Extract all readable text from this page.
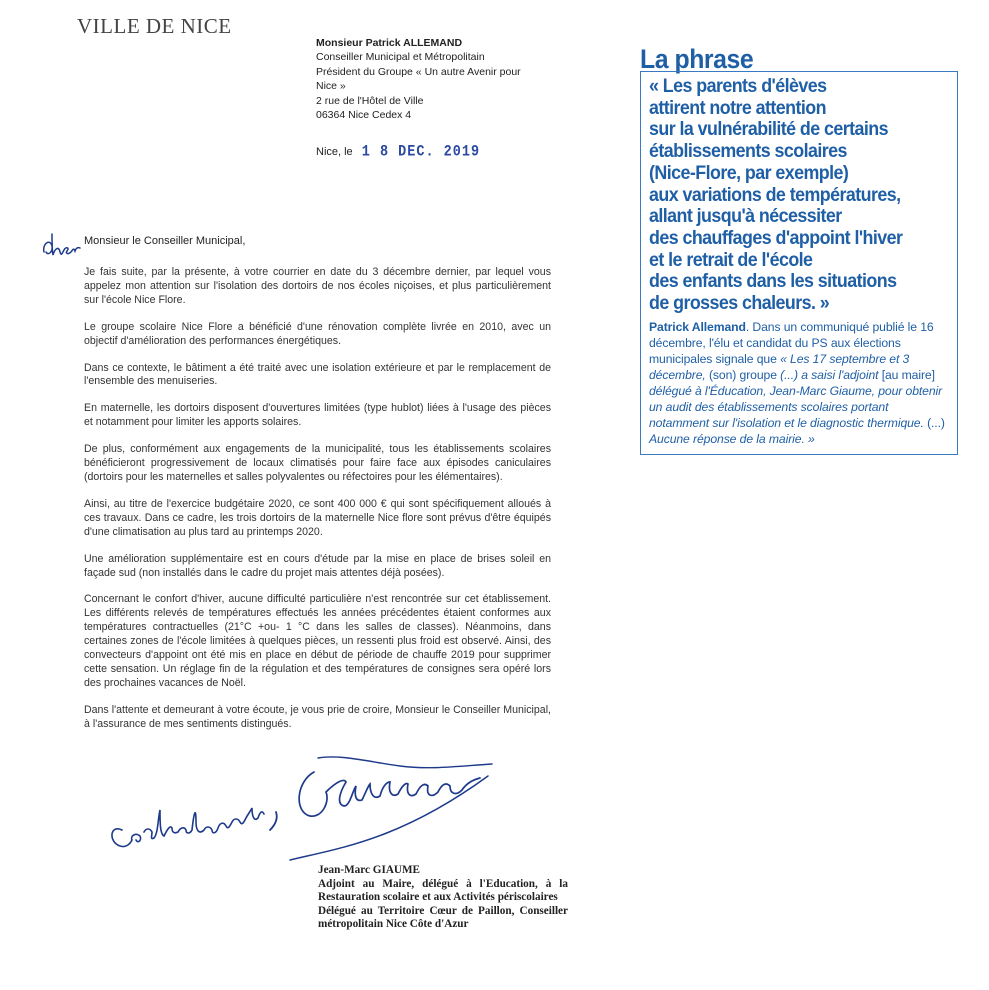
VILLE DE NICE
Monsieur Patrick ALLEMAND
Conseiller Municipal et Métropolitain
Président du Groupe « Un autre Avenir pour
Nice »
2 rue de l'Hôtel de Ville
06364 Nice Cedex 4
Nice, le 1 8 DEC. 2019
Monsieur le Conseiller Municipal,

Je fais suite, par la présente, à votre courrier en date du 3 décembre dernier, par lequel vous appelez mon attention sur l'isolation des dortoirs de nos écoles niçoises, et plus particulièrement sur l'école Nice Flore.

Le groupe scolaire Nice Flore a bénéficié d'une rénovation complète livrée en 2010, avec un objectif d'amélioration des performances énergétiques.

Dans ce contexte, le bâtiment a été traité avec une isolation extérieure et par le remplacement de l'ensemble des menuiseries.

En maternelle, les dortoirs disposent d'ouvertures limitées (type hublot) liées à l'usage des pièces et notamment pour limiter les apports solaires.

De plus, conformément aux engagements de la municipalité, tous les établissements scolaires bénéficieront progressivement de locaux climatisés pour faire face aux épisodes caniculaires (dortoirs pour les maternelles et salles polyvalentes ou réfectoires pour les élémentaires).

Ainsi, au titre de l'exercice budgétaire 2020, ce sont 400 000 € qui sont spécifiquement alloués à ces travaux. Dans ce cadre, les trois dortoirs de la maternelle Nice flore sont prévus d'être équipés d'une climatisation au plus tard au printemps 2020.

Une amélioration supplémentaire est en cours d'étude par la mise en place de brises soleil en façade sud (non installés dans le cadre du projet mais attentes déjà posées).

Concernant le confort d'hiver, aucune difficulté particulière n'est rencontrée sur cet établissement. Les différents relevés de températures effectués les années précédentes étaient conformes aux températures contractuelles (21°C +ou- 1 °C dans les salles de classes). Néanmoins, dans certaines zones de l'école limitées à quelques pièces, un ressenti plus froid est observé. Ainsi, des convecteurs d'appoint ont été mis en place en début de période de chauffe 2019 pour supprimer cette sensation. Un réglage fin de la régulation et des températures de consignes sera opéré lors des prochaines vacances de Noël.

Dans l'attente et demeurant à votre écoute, je vous prie de croire, Monsieur le Conseiller Municipal, à l'assurance de mes sentiments distingués.

Jean-Marc GIAUME
Adjoint au Maire, délégué à l'Education, à la Restauration scolaire et aux Activités périscolaires
Délégué au Territoire Cœur de Paillon, Conseiller métropolitain Nice Côte d'Azur
La phrase
« Les parents d'élèves
attirent notre attention
sur la vulnérabilité de certains
établissements scolaires
(Nice-Flore, par exemple)
aux variations de températures,
allant jusqu'à nécessiter
des chauffages d'appoint l'hiver
et le retrait de l'école
des enfants dans les situations
de grosses chaleurs. »
Patrick Allemand. Dans un communiqué publié le 16 décembre, l'élu et candidat du PS aux élections municipales signale que « Les 17 septembre et 3 décembre, (son) groupe (...) a saisi l'adjoint [au maire] délégué à l'Éducation, Jean-Marc Giaume, pour obtenir un audit des établissements scolaires portant notamment sur l'isolation et le diagnostic thermique. (...) Aucune réponse de la mairie. »
